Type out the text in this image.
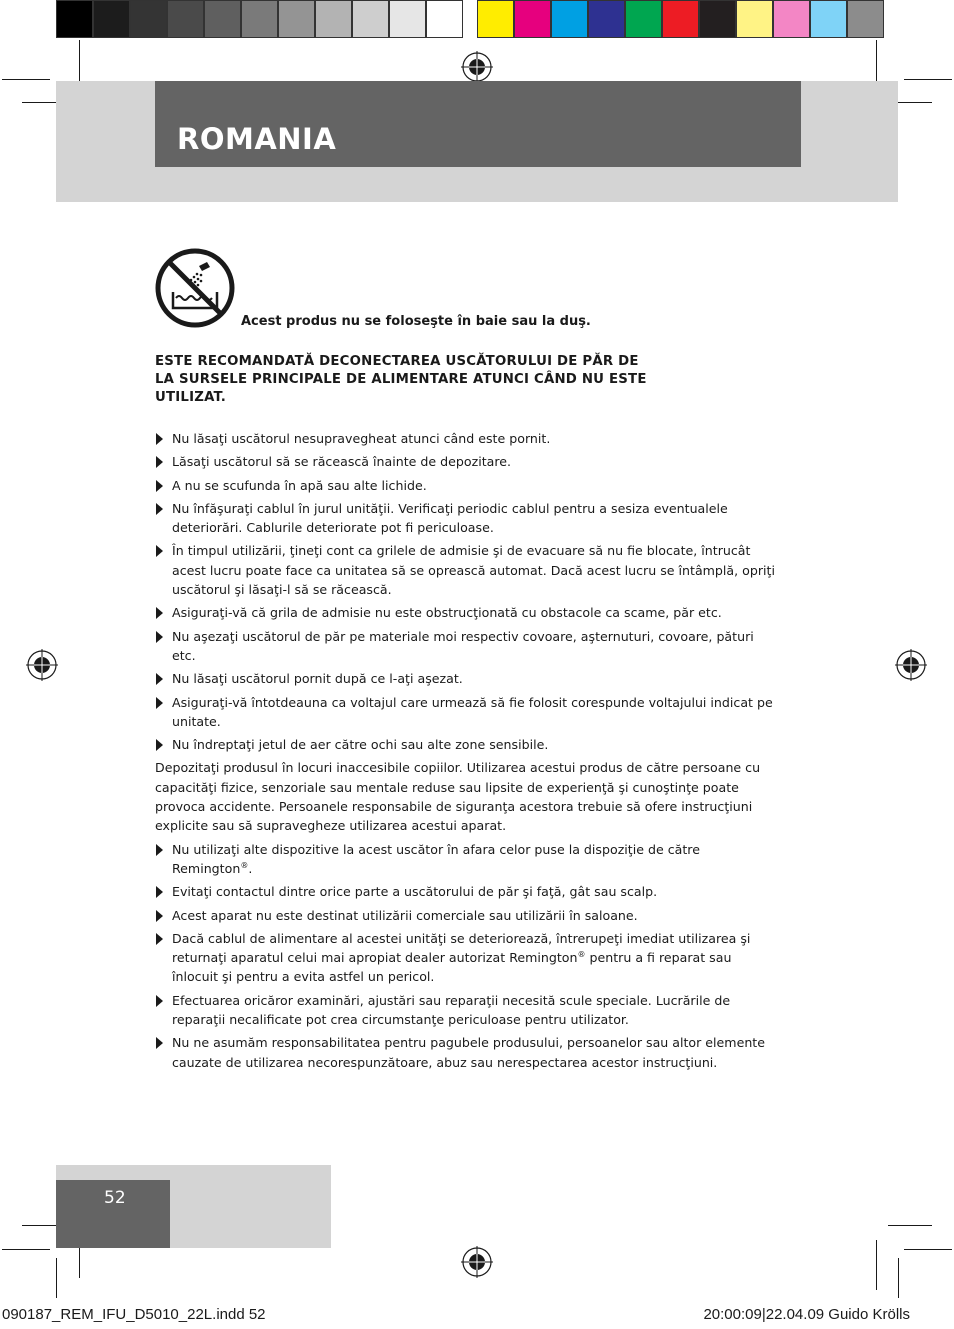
ROMANIA
Acest produs nu se foloseşte în baie sau la duş.
ESTE RECOMANDATĂ DECONECTAREA USCĂTORULUI DE PĂR DE
LA SURSELE PRINCIPALE DE ALIMENTARE ATUNCI CÂND NU ESTE
UTILIZAT.
Nu lăsaţi uscătorul nesupravegheat atunci când este pornit.
Lăsaţi uscătorul să se răcească înainte de depozitare.
A nu se scufunda în apă sau alte lichide.
Nu înfăşuraţi cablul în jurul unităţii. Verificaţi periodic cablul pentru a sesiza eventualele deteriorări. Cablurile deteriorate pot fi periculoase.
În timpul utilizării, ţineţi cont ca grilele de admisie şi de evacuare să nu fie blocate, întrucât acest lucru poate face ca unitatea să se oprească automat. Dacă acest lucru se întâmplă, opriţi uscătorul şi lăsaţi-l să se răcească.
Asiguraţi-vă că grila de admisie nu este obstrucţionată cu obstacole ca scame, păr etc.
Nu aşezaţi uscătorul de păr pe materiale moi respectiv covoare, aşternuturi, covoare, pături etc.
Nu lăsaţi uscătorul pornit după ce l-aţi aşezat.
Asiguraţi-vă întotdeauna ca voltajul care urmează să fie folosit corespunde voltajului indicat pe unitate.
Nu îndreptaţi jetul de aer către ochi sau alte zone sensibile.

Depozitaţi produsul în locuri inaccesibile copiilor. Utilizarea acestui produs de către persoane cu capacităţi fizice, senzoriale sau mentale reduse sau lipsite de experienţă şi cunoştinţe poate provoca accidente. Persoanele responsabile de siguranţa acestora trebuie să ofere instrucţiuni explicite sau să supravegheze utilizarea acestui aparat.

Nu utilizaţi alte dispozitive la acest uscător în afara celor puse la dispoziţie de către Remington®.
Evitaţi contactul dintre orice parte a uscătorului de păr şi faţă, gât sau scalp.
Acest aparat nu este destinat utilizării comerciale sau utilizării în saloane.
Dacă cablul de alimentare al acestei unităţi se deteriorează, întrerupeţi imediat utilizarea şi returnaţi aparatul celui mai apropiat dealer autorizat Remington® pentru a fi reparat sau înlocuit şi pentru a evita astfel un pericol.
Efectuarea oricăror examinări, ajustări sau reparaţii necesită scule speciale. Lucrările de reparaţii necalificate pot crea circumstanţe periculoase pentru utilizator.
Nu ne asumăm responsabilitatea pentru pagubele produsului, persoanelor sau altor elemente cauzate de utilizarea necorespunzătoare, abuz sau nerespectarea acestor instrucţiuni.
52
090187_REM_IFU_D5010_22L.indd 52	20:00:09|22.04.09 Guido Krölls
